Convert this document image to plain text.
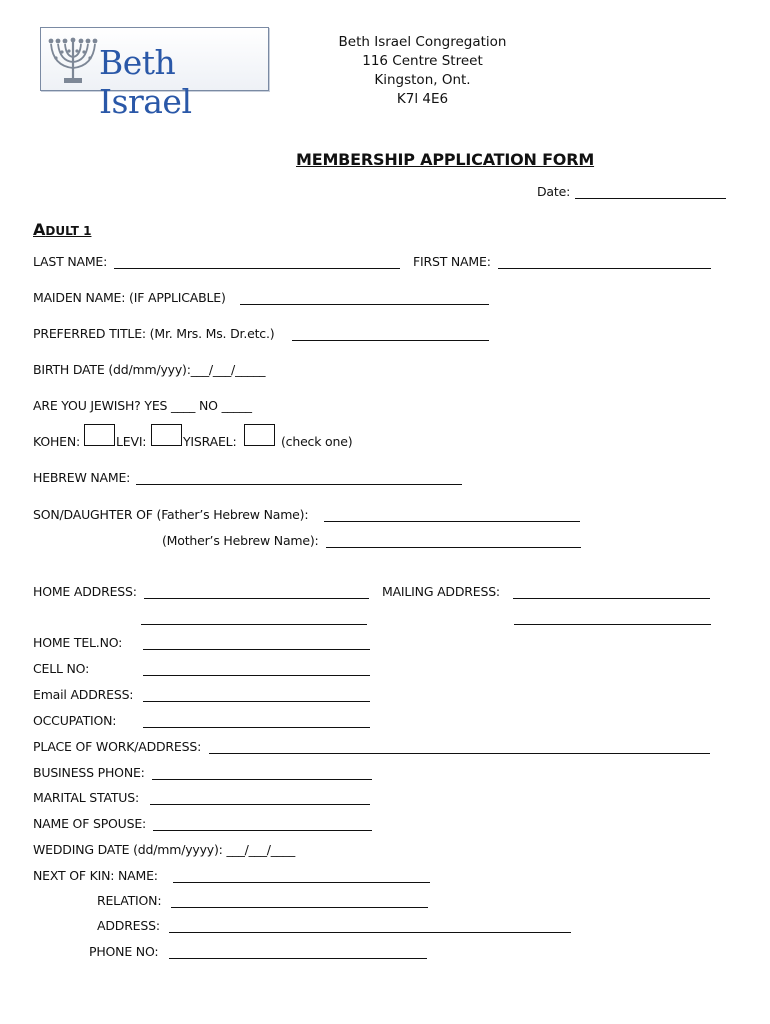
Beth Israel
Beth Israel Congregation
116 Centre Street
Kingston, Ont.
K7l 4E6
MEMBERSHIP APPLICATION FORM
Date:
ADULT 1
LAST NAME:	FIRST NAME:
MAIDEN NAME: (IF APPLICABLE)
PREFERRED TITLE: (Mr. Mrs. Ms. Dr.etc.)
BIRTH DATE (dd/mm/yyy):___/___/_____
ARE YOU JEWISH? YES ____ NO _____
KOHEN:	LEVI:	YISRAEL:	(check one)
HEBREW NAME:
SON/DAUGHTER OF (Father’s Hebrew Name):
(Mother’s Hebrew Name):
HOME ADDRESS:	MAILING ADDRESS:
HOME TEL.NO:
CELL NO:
Email ADDRESS:
OCCUPATION:
PLACE OF WORK/ADDRESS:
BUSINESS PHONE:
MARITAL STATUS:
NAME OF SPOUSE:
WEDDING DATE (dd/mm/yyyy): ___/___/____
NEXT OF KIN: NAME:
RELATION:
ADDRESS:
PHONE NO:
